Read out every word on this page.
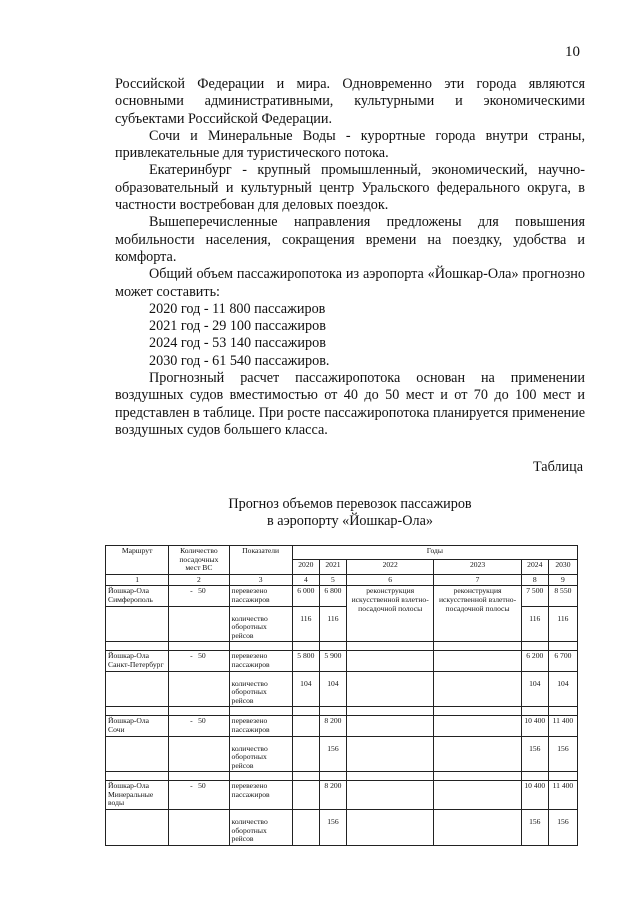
10

Российской Федерации и мира. Одновременно эти города являются основными административными, культурными и экономическими субъектами Российской Федерации.

Сочи и Минеральные Воды - курортные города внутри страны, привлекательные для туристического потока.

Екатеринбург - крупный промышленный, экономический, научно-образовательный и культурный центр Уральского федерального округа, в частности востребован для деловых поездок.

Вышеперечисленные направления предложены для повышения мобильности населения, сокращения времени на поездку, удобства и комфорта.

Общий объем пассажиропотока из аэропорта «Йошкар-Ола» прогнозно может составить:

2020 год - 11 800 пассажиров

2021 год - 29 100 пассажиров

2024 год - 53 140 пассажиров

2030 год - 61 540 пассажиров.

Прогнозный расчет пассажиропотока основан на применении воздушных судов вместимостью от 40 до 50 мест и от 70 до 100 мест и представлен в таблице. При росте пассажиропотока планируется применение воздушных судов большего класса.

Таблица
Прогноз объемов перевозок пассажиров
в аэропорту «Йошкар-Ола»
Маршрут	Количество посадочных мест ВС	Показатели	Годы					
			2020	2021	2022	2023	2024	2030
1	2	3	4	5	6	7	8	9
Йошкар-Ола Симферополь	- 50	перевезено пассажиров	6 000	6 800	реконструкция искусственной взлетно-посадочной полосы	реконструкция искусственной взлетно-посадочной полосы	7 500	8 550
		количество оборотных рейсов	116	116			116	116

Йошкар-Ола Санкт-Петербург	- 50	перевезено пассажиров	5 800	5 900			6 200	6 700
		количество оборотных рейсов	104	104			104	104

Йошкар-Ола Сочи	- 50	перевезено пассажиров		8 200			10 400	11 400
		количество оборотных рейсов		156			156	156

Йошкар-Ола Минеральные воды	- 50	перевезено пассажиров		8 200			10 400	11 400
		количество оборотных рейсов		156			156	156
